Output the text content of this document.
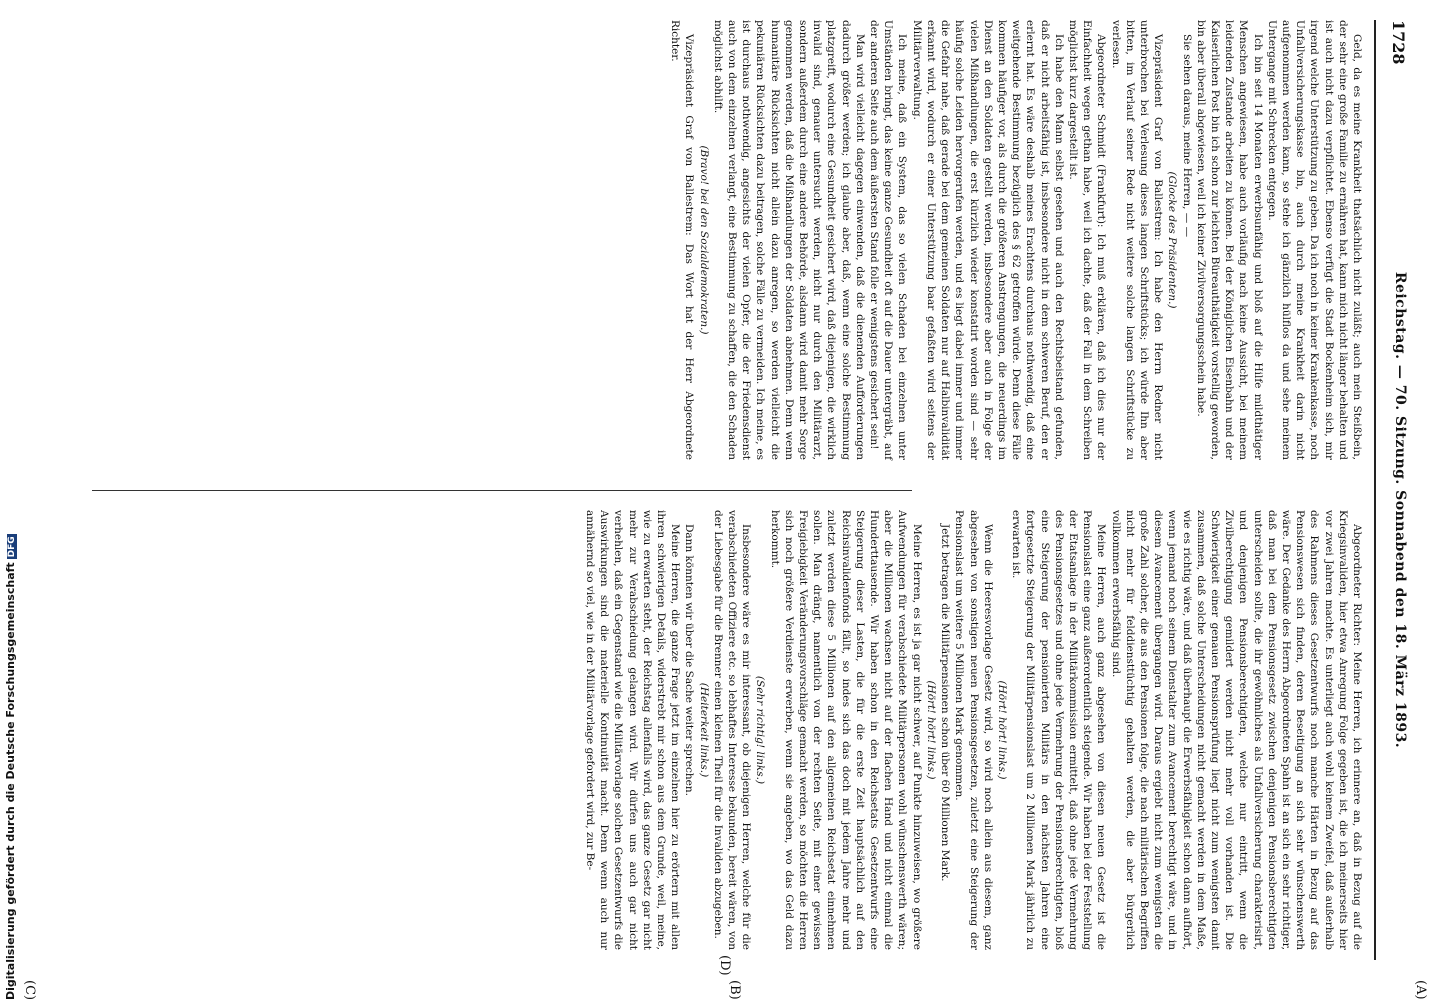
1728
Reichstag. — 70. Sitzung. Sonnabend den 18. März 1893.
(A)
(B)

Geld, da es meine Krankheit thatsächlich nicht zuläßt; auch mein Steißbein, der sehr eine große Familie zu ernähren hat, kann mich nicht länger behalten und ist auch nicht dazu verpflichtet. Ebenso verfügt die Stadt Bockenheim sich, mir irgend welche Unterstützung zu geben. Da ich noch in keiner Krankenkasse, noch Unfallversicherungskasse bin, auch durch meine Krankheit darin nicht aufgenommen werden kann, so stehe ich gänzlich hülflos da und sehe meinem Untergange mit Schrecken entgegen.

Ich bin seit 14 Monaten erwerbsunfähig und bloß auf die Hilfe mildthätiger Menschen angewiesen, habe auch vorläufig nach keine Aussicht, bei meinem leidenden Zustande arbeiten zu können. Bei der Königlichen Eisenbahn und der Kaiserlichen Post bin ich schon zur leichten Büreauthätigkeit vorstellig geworden, bin aber überall abgewiesen, weil ich keiner Zivilversorgungsschein habe.

Sie sehen daraus, meine Herren, — —

(Glocke des Präsidenten.)

Vizepräsident Graf von Ballestrem: Ich habe den Herrn Redner nicht unterbrochen bei Verlesung dieses langen Schriftstücks; ich würde Ihn aber bitten, im Verlauf seiner Rede nicht weitere solche langen Schriftstücke zu verlesen.

Abgeordneter Schmidt (Frankfurt): Ich muß erklären, daß ich dies nur der Einfachheit wegen gethan habe, weil ich dachte, daß der Fall in dem Schreiben möglichst kurz dargestellt ist.

Ich habe den Mann selbst gesehen und auch den Rechtsbeistand gefunden, daß er nicht arbeitsfähig ist, insbesondere nicht in dem schweren Beruf, den er erlernt hat. Es wäre deshalb meines Erachtens durchaus nothwendig, daß eine weitgehende Bestimmung bezüglich des § 62 getroffen würde. Denn diese Fälle kommen häufiger vor, als durch die größeren Anstrengungen, die neuerdings im Dienst an den Soldaten gestellt werden, insbesondere aber auch in Folge der vielen Mißhandlungen, die erst kürzlich wieder konstatirt worden sind — sehr häufig solche Leiden hervorgerufen werden, und es liegt dabei immer und immer die Gefahr nahe, daß gerade bei dem gemeinen Soldaten nur auf Halbinvalidität erkannt wird, wodurch er einer Unterstützung baar gefaßten wird seitens der Militärverwaltung.

Ich meine, daß ein System, das so vielen Schaden bei einzelnen unter Umständen bringt, das keine ganze Gesundheit oft auf die Dauer untergräbt, auf der anderen Seite auch dem äußersten Stand folle er wenigstens gesichert sein!

Man wird vielleicht dagegen einwenden, daß die dienenden Aufforderungen dadurch größer werden; ich glaube aber, daß, wenn eine solche Bestimmung platzgreift, wodurch eine Gesundheit gesichert wird, daß diejenigen, die wirklich invalid sind, genauer untersucht werden, nicht nur durch den Militärarzt, sondern außerdem durch eine andere Behörde, alsdann wird damit mehr Sorge genommen werden, daß die Mißhandlungen der Soldaten abnehmen. Denn wenn humanitäre Rücksichten nicht allein dazu anregen, so werden vielleicht die pekuniären Rücksichten dazu beitragen, solche Fälle zu vermeiden. Ich meine, es ist durchaus nothwendig, angesichts der vielen Opfer, die der Friedensdienst auch von dem einzelnen verlangt, eine Bestimmung zu schaffen, die den Schaden möglichst abhilft.

(Bravo! bei den Sozialdemokraten.)

Vizepräsident Graf von Ballestrem: Das Wort hat der Herr Abgeordnete Richter.

Abgeordneter Richter: Meine Herren, ich erinnere an, daß in Bezug auf die Kriegsinvaliden, hier etwa Anregung Folge gegeben ist, die ich meinerseits hier vor zwei Jahren machte. Es unterliegt auch wohl keinem Zweifel, daß außerhalb des Rahmens dieses Gesetzentwurfs noch manche Härten in Bezug auf das Pensionswesen sich finden, deren Beseitigung an sich sehr wünschenswerth wäre. Der Gedanke des Herrn Abgeordneten Spahn ist an sich ein sehr richtiger, daß man bei dem Pensionsgesetz zwischen denjenigen Pensionsberechtigten unterscheiden sollte, die ihr gewöhnliches als Unfallversicherung charakterisirt, und denjenigen Pensionsberechtigten, welche nur eintritt, wenn die Zivilberechtigung gemildert werden nicht mehr voll vorhanden ist. Die Schwierigkeit einer genauen Pensionsprüfung liegt nicht zum wenigsten damit zusammen, daß solche Unterscheidungen nicht gemacht werden in dem Maße, wie es richtig wäre, und daß überhaupt die Erwerbsfähigkeit schon dann aufhört, wenn jemand noch seinem Dienstalter zum Avancement berechtigt wäre, und in diesem Avancement übergangen wird. Daraus ergiebt nicht zum wenigsten die große Zahl solcher, die aus den Pensionen folge, die nach militärischen Begriffen nicht mehr für felddiensttüchtig gehalten werden, die aber bürgerlich vollkommen erwerbsfähig sind.

Meine Herren, auch ganz abgesehen von diesen neuen Gesetz ist die Pensionslast eine ganz außerordentlich steigende. Wir haben bei der Feststellung der Etatsanlage in der Militärkommission ermittelt, daß ohne jede Vermehrung des Pensionsgesetzes und ohne jede Vermehrung der Pensionsberechtigten, bloß eine Steigerung der pensionierten Militärs in den nächsten Jahren eine fortgesetzte Steigerung der Militärpensionslast um 2 Millionen Mark jährlich zu erwarten ist.

(Hört! hört! links.)

Wenn die Heeresvorlage Gesetz wird, so wird noch allein aus diesem, ganz abgesehen von sonstigen neuen Pensionsgesetzen, zuletzt eine Steigerung der Pensionslast um weitere 5 Millionen Mark genommen.

Jetzt betragen die Militärpensionen schon über 60 Millionen Mark.

(Hört! hört! links.)

Meine Herren, es ist ja gar nicht schwer, auf Punkte hinzuweisen, wo größere Aufwendungen für verabschiedete Militärpersonen wohl wünschenswerth wären; aber die Millionen wachsen nicht auf der flachen Hand und nicht einmal die Hunderttausende. Wir haben schon in den Reichsetats Gesetzentwurfs eine Steigerung dieser Lasten, die für die erste Zeit hauptsächlich auf den Reichsinvalidenfonds fällt, so indes sich das doch mit jedem Jahre mehr und zuletzt werden diese 5 Millionen auf den allgemeinen Reichsetat einnehmen sollen. Man drängt, namentlich von der rechten Seite, mit einer gewissen Freigiebigkeit Veränderungsvorschläge gemacht werden, so möchten die Herren sich noch größere Verdienste erwerben, wenn sie angeben, wo das Geld dazu herkommt.

(Sehr richtig! links.)

Insbesondere wäre es mir interessant, ob diejenigen Herren, welche für die verabschiedeten Offiziere etc. so lebhaftes Interesse bekunden, bereit wären, von der Liebesgabe für die Brenner einen kleinen Theil für die Invaliden abzugeben.

(Heiterkeit links.)

Dann könnten wir über die Sache weiter sprechen.

Meine Herren, die ganze Frage jetzt im einzelnen hier zu erörtern mit allen ihren schwierigen Details, widerstrebt mir schon aus dem Grunde, weil, meine, wie zu erwarten steht, der Reichstag allenfalls wird, das ganze Gesetz gar nicht mehr zur Verabschiedung gelangen wird. Wir dürfen uns auch gar nicht verhehlen, daß ein Gegenstand wie die Militärvorlage solchen Gesetzentwurfs die Auswirkungen sind die materielle Kontinuität macht. Denn wenn auch nur annähernd so viel, wie in der Militärvorlage gefordert wird, zur Be-

(C)
(D)
Digitalisierung gefördert durch die Deutsche ForschungsgemeinschaftDFG
